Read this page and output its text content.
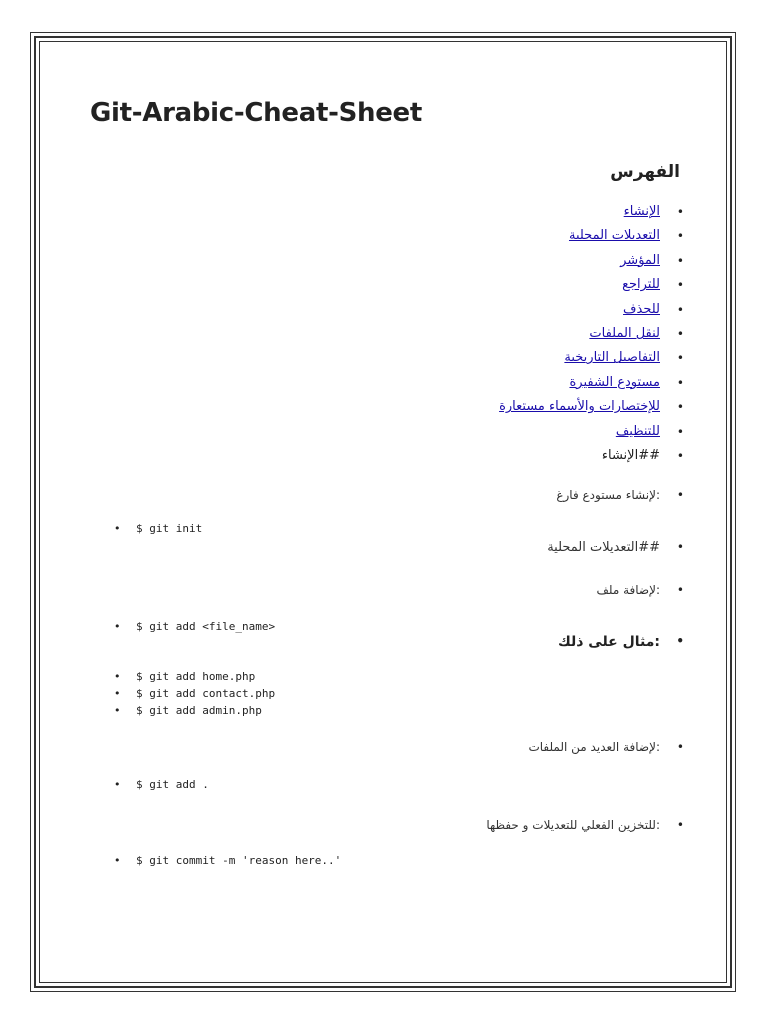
Git-Arabic-Cheat-Sheet
الفهرس
• الإنشاء
• التعديلات المحلية
• المؤشر
• للتراجع
• للحذف
• لنقل الملفات
• التفاصيل التاريخية
• مستودع الشفيرة
• للإختصارات والأسماء مستعارة
• للتنظيف
• ##الإنشاء
• :لإنشاء مستودع فارغ
• $ git init
• ##التعديلات المحلية
• :لإضافة ملف
• $ git add <file_name>
• :مثال على ذلك
• $ git add home.php
• $ git add contact.php
• $ git add admin.php
• :لإضافة العديد من الملفات
• $ git add .
• :للتخزين الفعلي للتعديلات و حفظها
• $ git commit -m 'reason here..'
